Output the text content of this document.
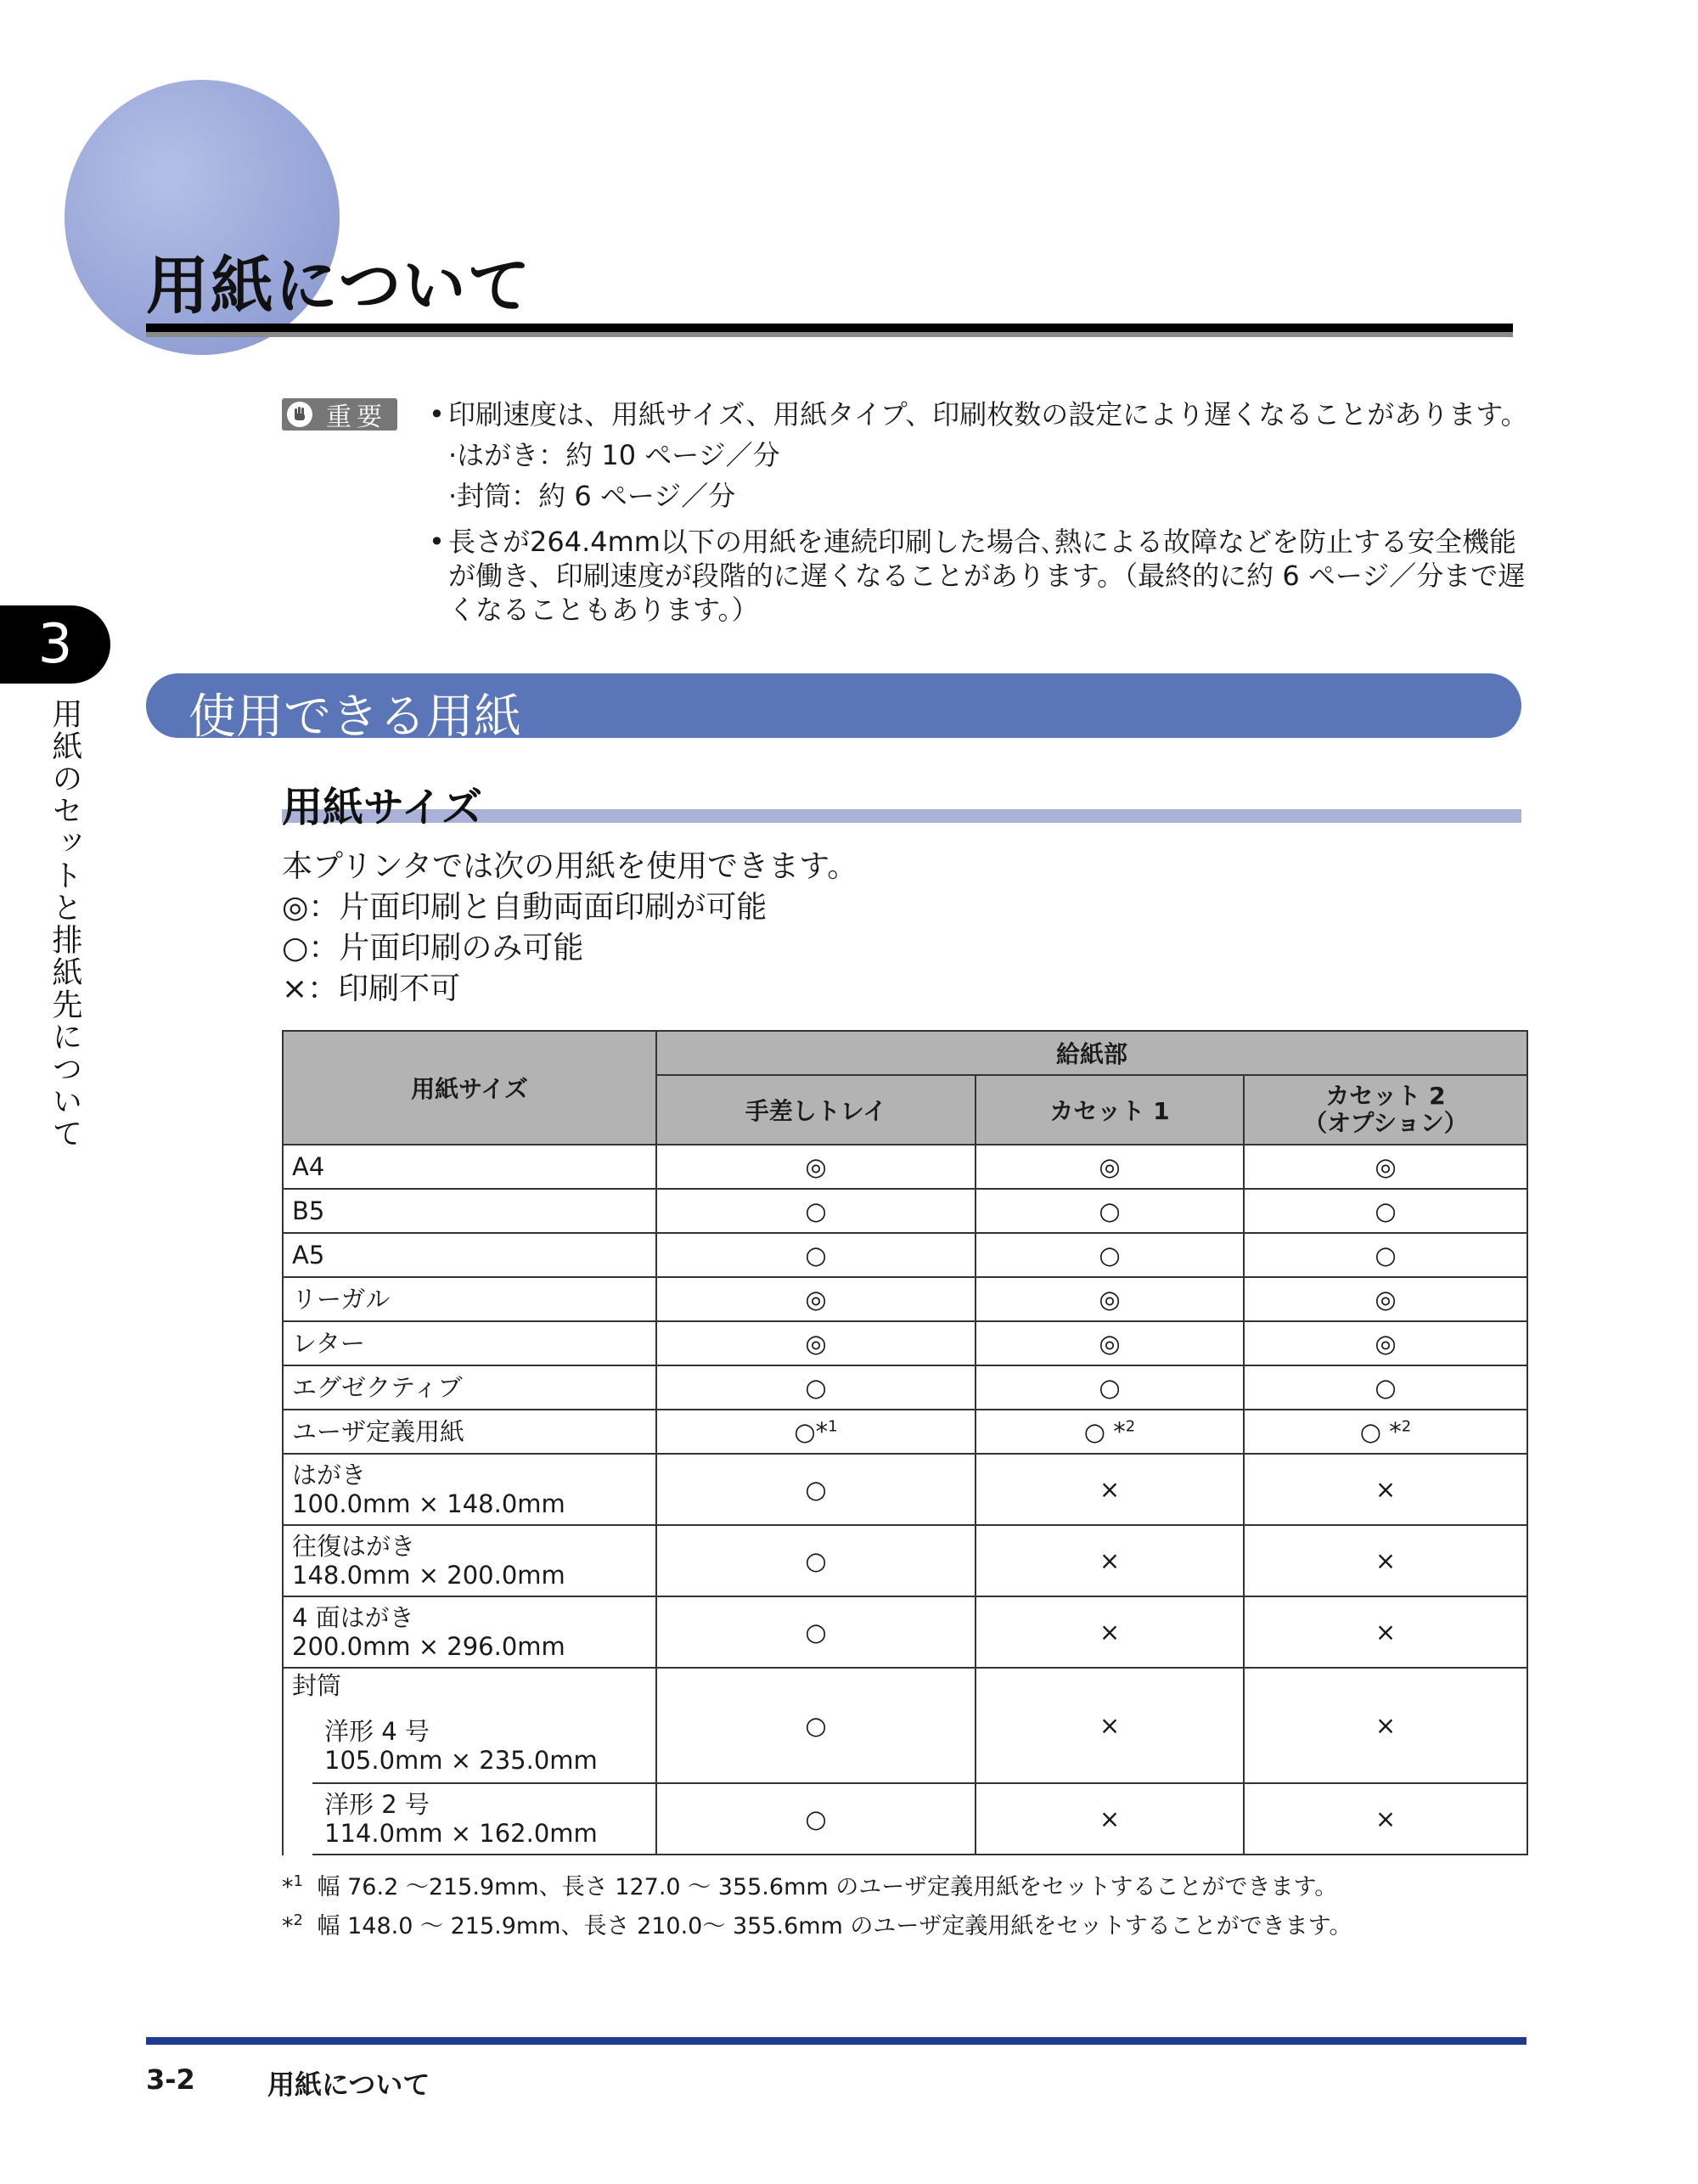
用紙について
重要 • 印刷速度は、用紙サイズ、用紙タイプ、印刷枚数の設定により遅くなることがあります。
·はがき：約 10 ページ／分
·封筒：約 6 ページ／分
• 長さが264.4mm以下の用紙を連続印刷した場合､熱による故障などを防止する安全機能
が働き、印刷速度が段階的に遅くなることがあります。（最終的に約 6 ページ／分まで遅
くなることもあります。）
3
用紙のセットと排紙先について 使用できる用紙
用紙サイズ
本プリンタでは次の用紙を使用できます。
◎：片面印刷と自動両面印刷が可能
○：片面印刷のみ可能
×：印刷不可
用紙サイズ	給紙部		
	手差しトレイ	カセット 1	カセット 2
（オプション）
A4	◎	◎	◎
B5	○	○	○
A5	○	○	○
リーガル	◎	◎	◎
レター	◎	◎	◎
エグゼクティブ	○	○	○
ユーザ定義用紙	○*$^1$	○ *$^2$	○ *$^2$
はがき
100.0mm × 148.0mm	○	×	×
往復はがき
148.0mm × 200.0mm	○	×	×
4 面はがき
200.0mm × 296.0mm	○	×	×

封筒
洋形 4 号
105.0mm × 235.0mm	○	×	×

洋形 2 号
114.0mm × 162.0mm	○	×	×
*$^1$ 幅 76.2 ～215.9mm、長さ 127.0 ～ 355.6mm のユーザ定義用紙をセットすることができます。
*$^2$ 幅 148.0 ～ 215.9mm、長さ 210.0～ 355.6mm のユーザ定義用紙をセットすることができます。
3-2	用紙について
